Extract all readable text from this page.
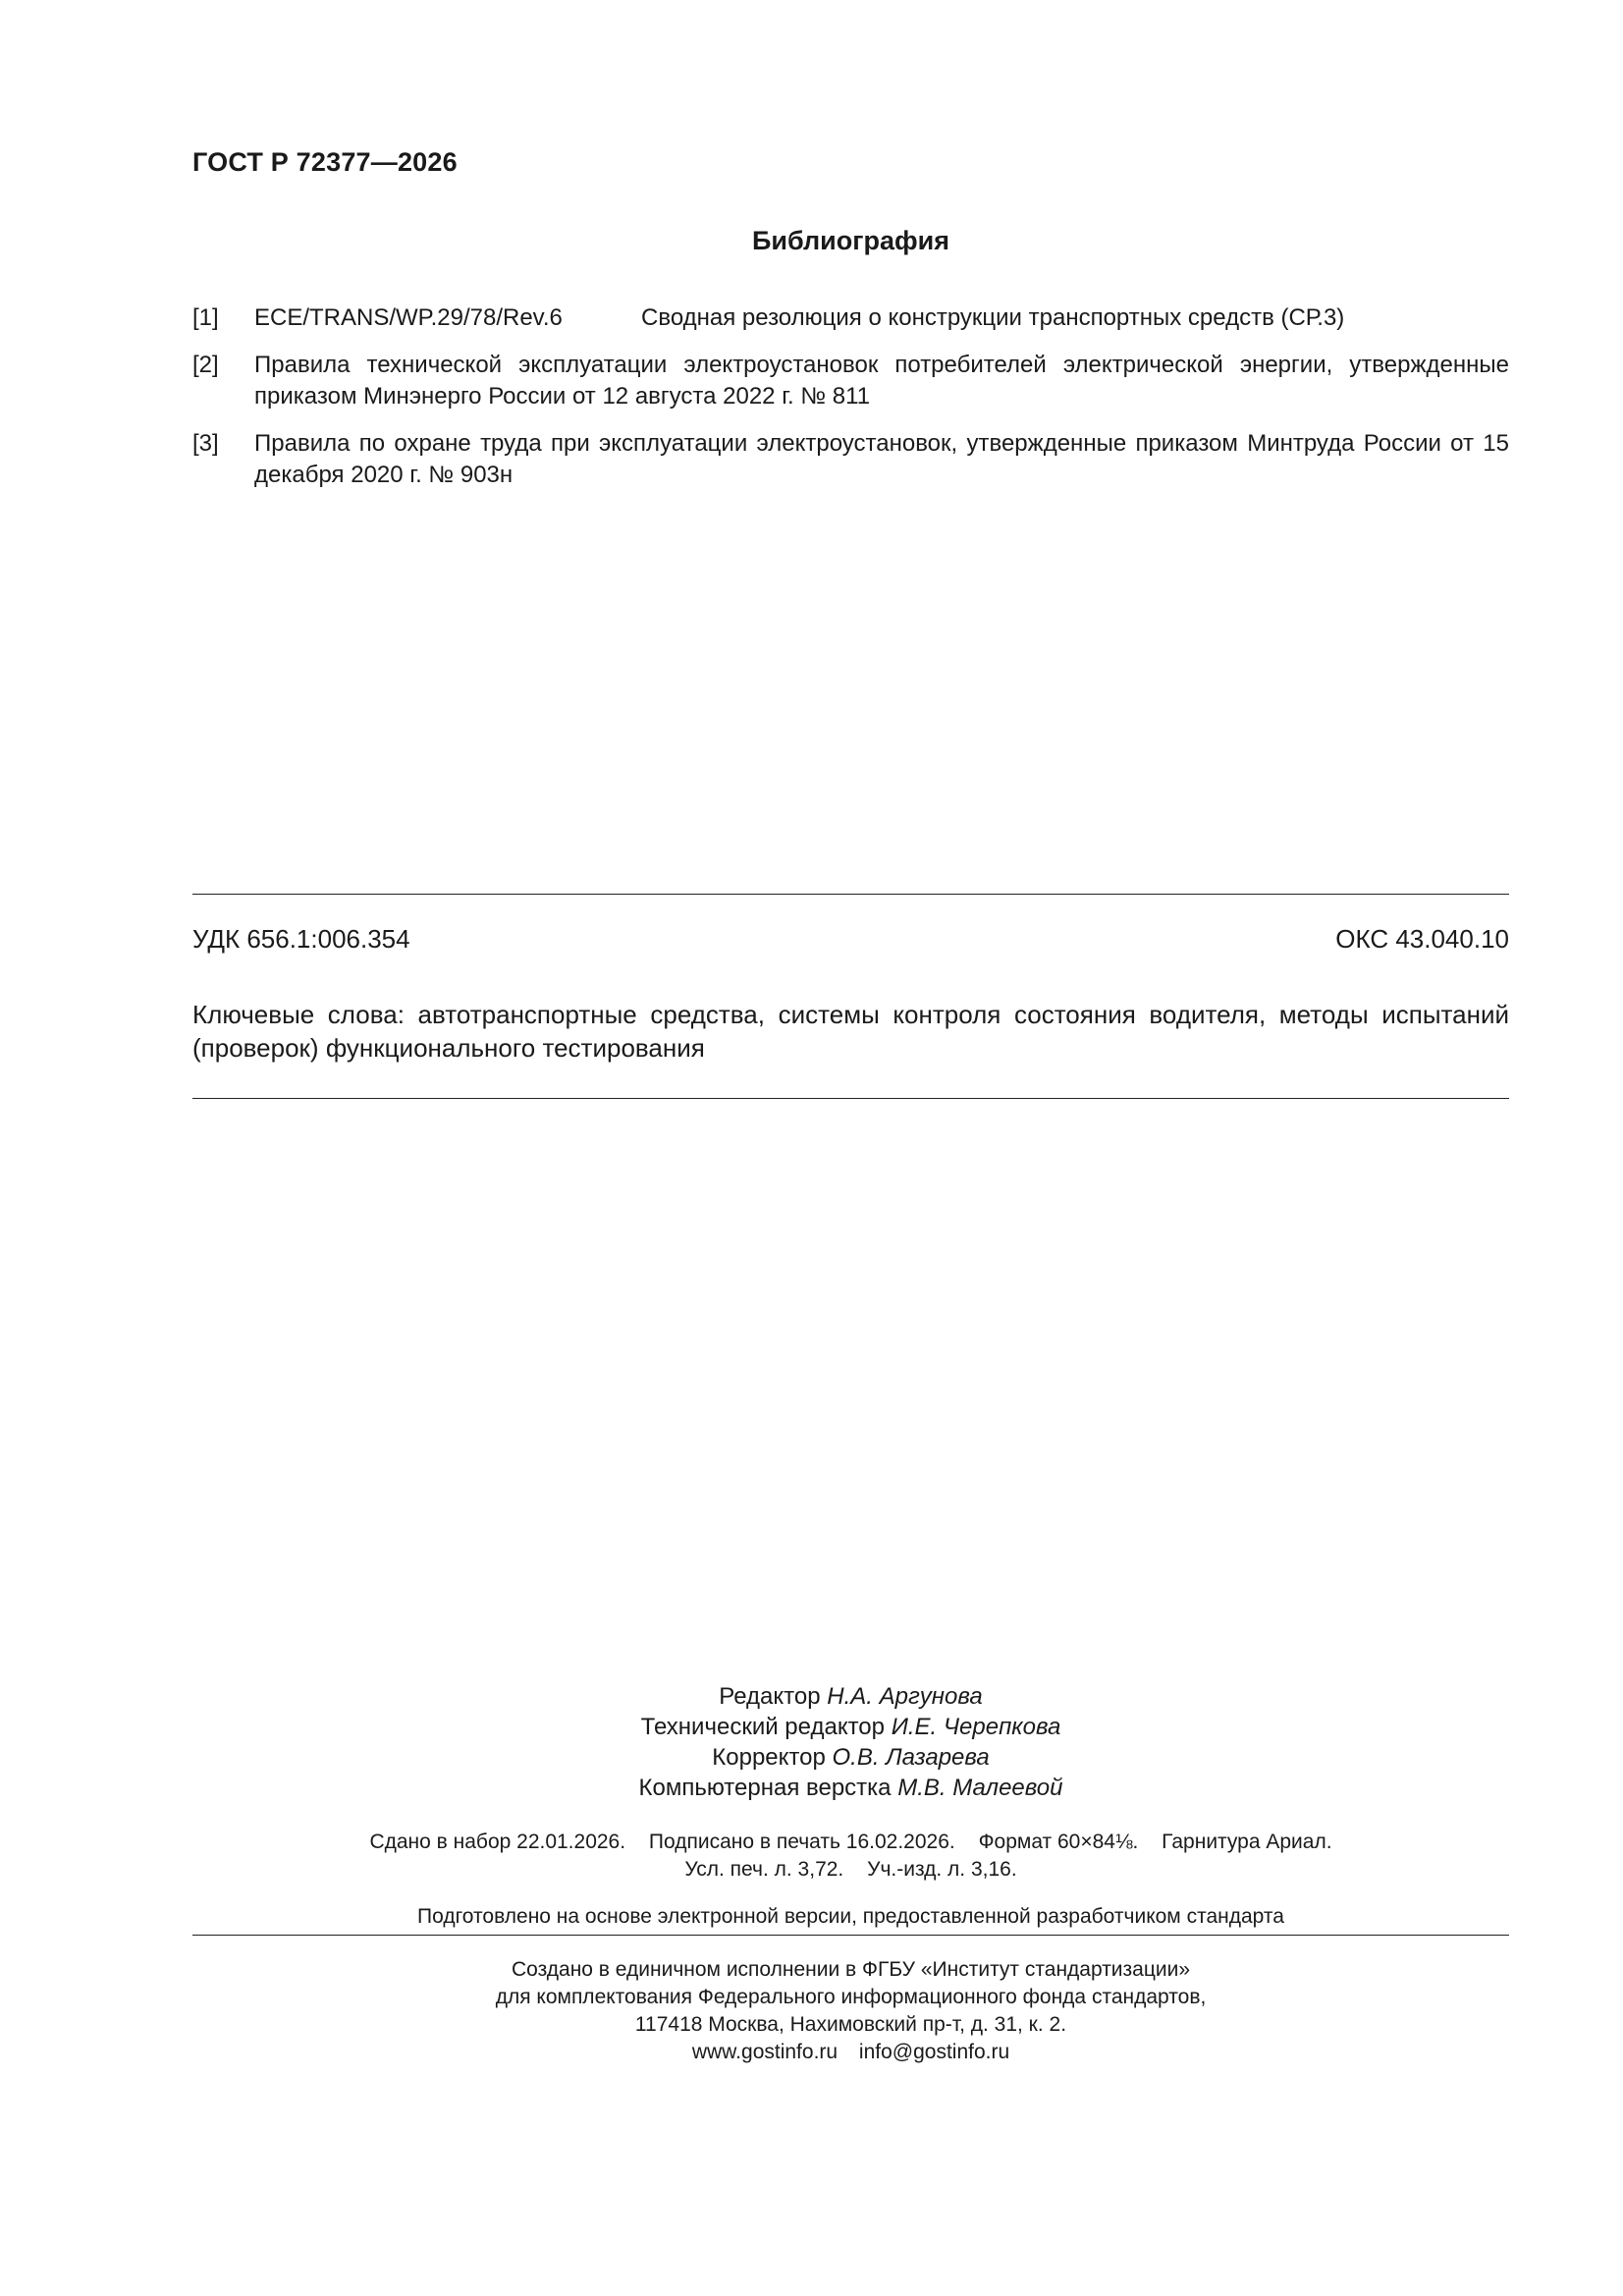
ГОСТ Р 72377—2026
Библиография
[1]	ECE/TRANS/WP.29/78/Rev.6	Сводная резолюция о конструкции транспортных средств (СР.3)
[2]	Правила технической эксплуатации электроустановок потребителей электрической энергии, утвержденные приказом Минэнерго России от 12 августа 2022 г. № 811
[3]	Правила по охране труда при эксплуатации электроустановок, утвержденные приказом Минтруда России от 15 декабря 2020 г. № 903н
УДК 656.1:006.354	ОКС 43.040.10
Ключевые слова: автотранспортные средства, системы контроля состояния водителя, методы испытаний (проверок) функционального тестирования
Редактор Н.А. Аргунова
Технический редактор И.Е. Черепкова
Корректор О.В. Лазарева
Компьютерная верстка М.В. Малеевой
Сдано в набор 22.01.2026. Подписано в печать 16.02.2026. Формат 60×84⅛. Гарнитура Ариал.
Усл. печ. л. 3,72. Уч.-изд. л. 3,16.
Подготовлено на основе электронной версии, предоставленной разработчиком стандарта
Создано в единичном исполнении в ФГБУ «Институт стандартизации»
для комплектования Федерального информационного фонда стандартов,
117418 Москва, Нахимовский пр-т, д. 31, к. 2.
www.gostinfo.ru info@gostinfo.ru
